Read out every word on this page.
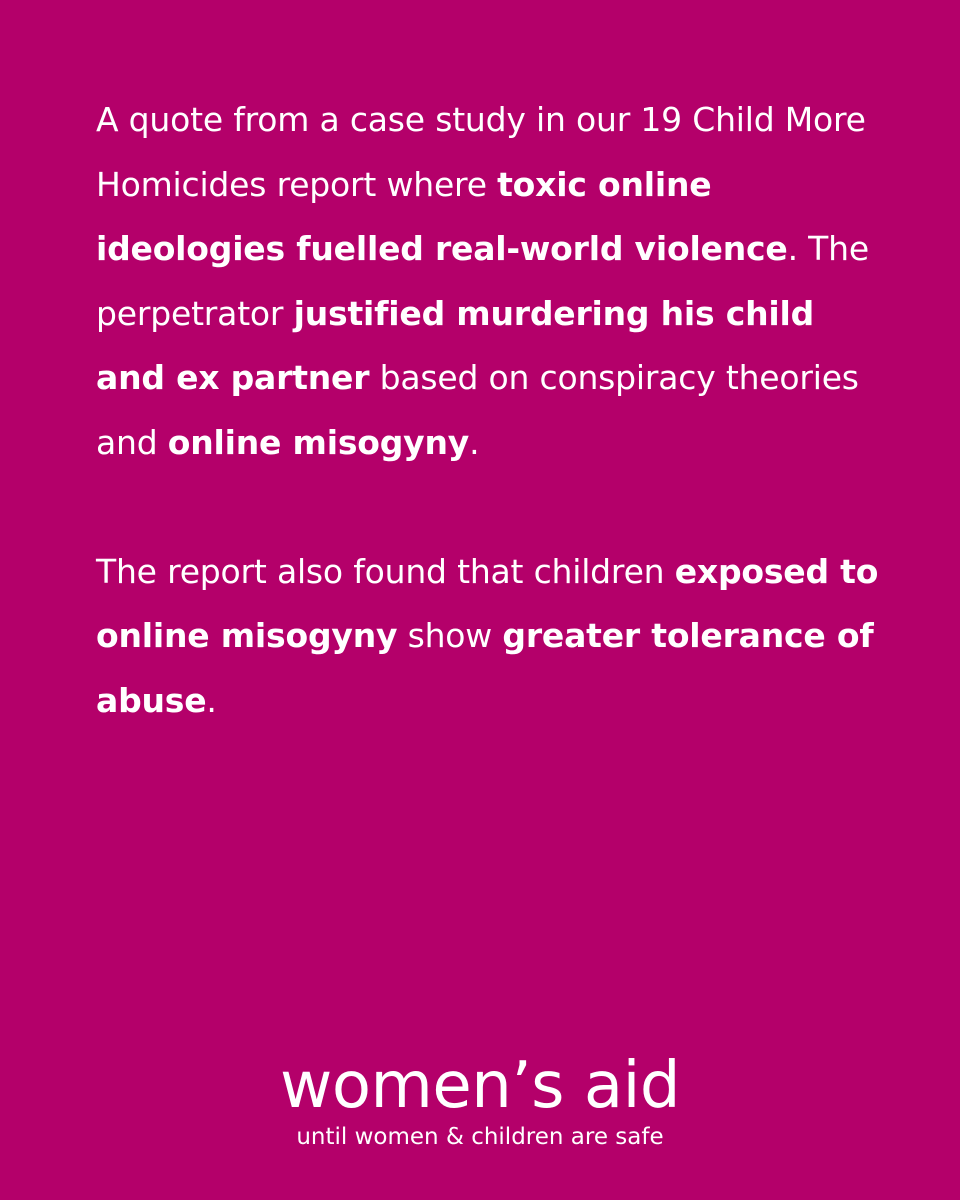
A quote from a case study in our 19 Child More Homicides report where toxic online ideologies fuelled real-world violence. The perpetrator justified murdering his child and ex partner based on conspiracy theories and online misogyny.

The report also found that children exposed to online misogyny show greater tolerance of abuse.

women’s aid
until women & children are safe
